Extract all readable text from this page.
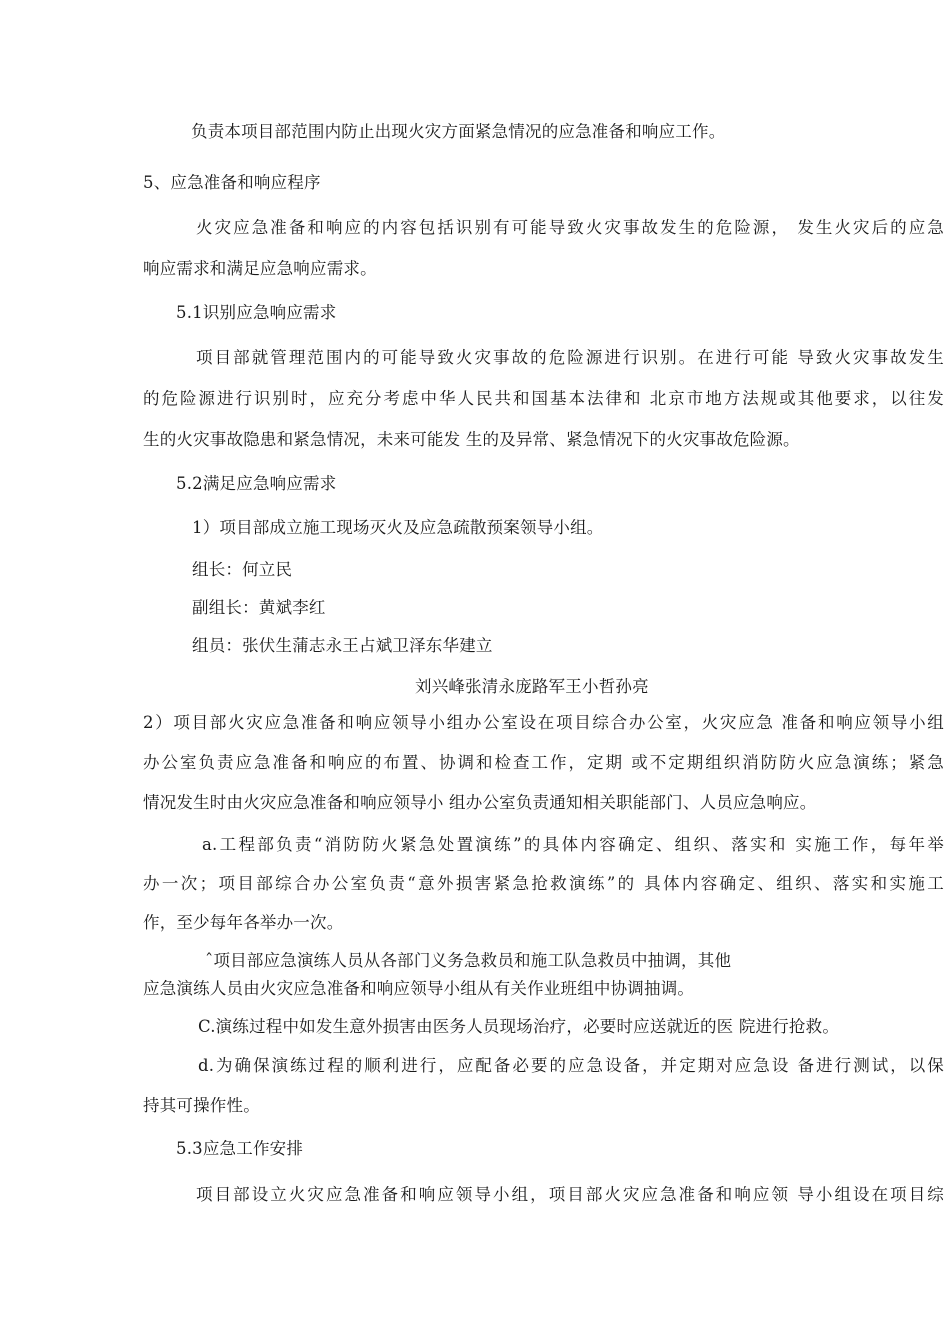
负责本项目部范围内防止出现火灾方面紧急情况的应急准备和响应工作。
5、应急准备和响应程序
火灾应急准备和响应的内容包括识别有可能导致火灾事故发生的危险源， 发生火灾后的应急
响应需求和满足应急响应需求。
5.1识别应急响应需求
项目部就管理范围内的可能导致火灾事故的危险源进行识别。在进行可能 导致火灾事故发生
的危险源进行识别时，应充分考虑中华人民共和国基本法律和 北京市地方法规或其他要求，以往发
生的火灾事故隐患和紧急情况，未来可能发 生的及异常、紧急情况下的火灾事故危险源。
5.2满足应急响应需求
1）项目部成立施工现场灭火及应急疏散预案领导小组。
组长：何立民
副组长：黄斌李红
组员：张伏生蒲志永王占斌卫泽东华建立
刘兴峰张清永庞路军王小哲孙亮
2）项目部火灾应急准备和响应领导小组办公室设在项目综合办公室，火灾应急 准备和响应领导小组
办公室负责应急准备和响应的布置、协调和检查工作，定期 或不定期组织消防防火应急演练；紧急
情况发生时由火灾应急准备和响应领导小 组办公室负责通知相关职能部门、人员应急响应。
a.工程部负责“消防防火紧急处置演练”的具体内容确定、组织、落实和 实施工作，每年举
办一次；项目部综合办公室负责“意外损害紧急抢救演练”的 具体内容确定、组织、落实和实施工
作，至少每年各举办一次。
ˆ项目部应急演练人员从各部门义务急救员和施工队急救员中抽调，其他
应急演练人员由火灾应急准备和响应领导小组从有关作业班组中协调抽调。
C.演练过程中如发生意外损害由医务人员现场治疗，必要时应送就近的医 院进行抢救。
d.为确保演练过程的顺利进行，应配备必要的应急设备，并定期对应急设 备进行测试，以保
持其可操作性。
5.3应急工作安排
项目部设立火灾应急准备和响应领导小组，项目部火灾应急准备和响应领 导小组设在项目综
